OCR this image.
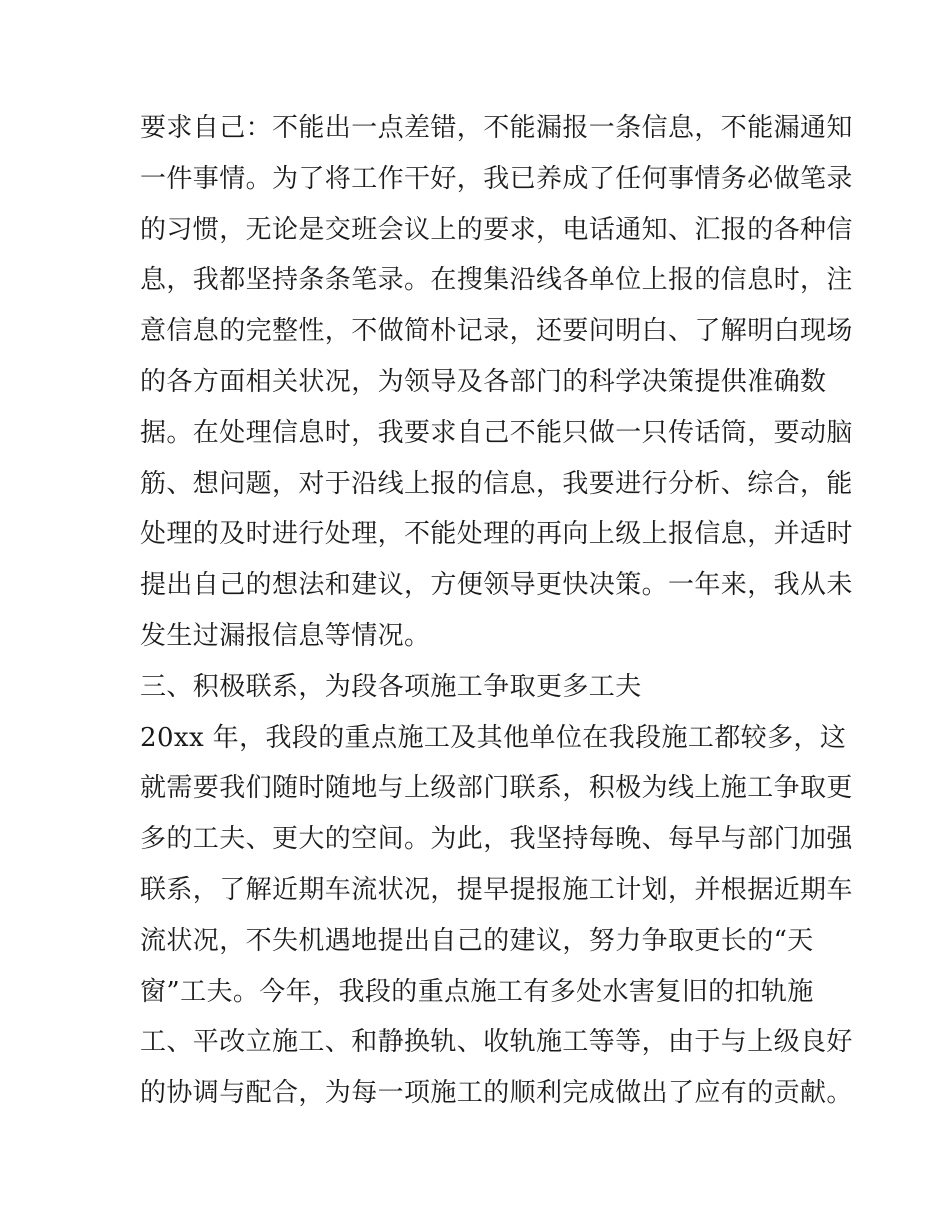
要求自己：不能出一点差错，不能漏报一条信息，不能漏通知
一件事情。为了将工作干好，我已养成了任何事情务必做笔录
的习惯，无论是交班会议上的要求，电话通知、汇报的各种信
息，我都坚持条条笔录。在搜集沿线各单位上报的信息时，注
意信息的完整性，不做简朴记录，还要问明白、了解明白现场
的各方面相关状况，为领导及各部门的科学决策提供准确数
据。在处理信息时，我要求自己不能只做一只传话筒，要动脑
筋、想问题，对于沿线上报的信息，我要进行分析、综合，能
处理的及时进行处理，不能处理的再向上级上报信息，并适时
提出自己的想法和建议，方便领导更快决策。一年来，我从未
发生过漏报信息等情况。
三、积极联系，为段各项施工争取更多工夫
20xx 年，我段的重点施工及其他单位在我段施工都较多，这
就需要我们随时随地与上级部门联系，积极为线上施工争取更
多的工夫、更大的空间。为此，我坚持每晚、每早与部门加强
联系，了解近期车流状况，提早提报施工计划，并根据近期车
流状况，不失机遇地提出自己的建议，努力争取更长的“天
窗”工夫。今年，我段的重点施工有多处水害复旧的扣轨施
工、平改立施工、和静换轨、收轨施工等等，由于与上级良好
的协调与配合，为每一项施工的顺利完成做出了应有的贡献。
